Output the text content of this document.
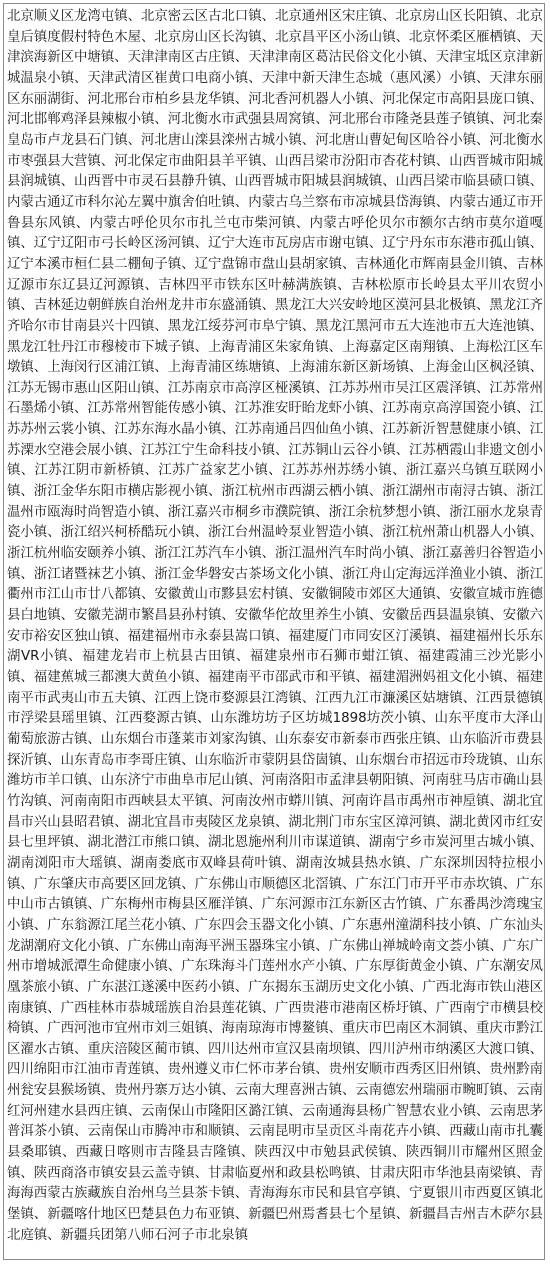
北京顺义区龙湾屯镇、北京密云区古北口镇、北京通州区宋庄镇、北京房山区长阳镇、北京皇后镇度假村特色木屋、北京房山区长沟镇、北京昌平区小汤山镇、北京怀柔区雁栖镇、天津滨海新区中塘镇、天津津南区古庄镇、天津津南区葛沽民俗文化小镇、天津宝坻区京津新城温泉小镇、天津武清区崔黄口电商小镇、天津中新天津生态城（惠风溪）小镇、天津东丽区东丽湖街、河北邢台市柏乡县龙华镇、河北香河机器人小镇、河北保定市高阳县庞口镇、河北邯郸鸡泽县辣椒小镇、河北衡水市武强县周窝镇、河北邢台市隆尧县莲子镇镇、河北秦皇岛市卢龙县石门镇、河北唐山滦县滦州古城小镇、河北唐山曹妃甸区哈谷小镇、河北衡水市枣强县大营镇、河北保定市曲阳县羊平镇、山西吕梁市汾阳市杏花村镇、山西晋城市阳城县润城镇、山西晋中市灵石县静升镇、山西晋城市阳城县润城镇、山西吕梁市临县碛口镇、内蒙古通辽市科尔沁左翼中旗舍伯吐镇、内蒙古乌兰察布市凉城县岱海镇、内蒙古通辽市开鲁县东风镇、内蒙古呼伦贝尔市扎兰屯市柴河镇、内蒙古呼伦贝尔市额尔古纳市莫尔道嘎镇、辽宁辽阳市弓长岭区汤河镇、辽宁大连市瓦房店市谢屯镇、辽宁丹东市东港市孤山镇、辽宁本溪市桓仁县二棚甸子镇、辽宁盘锦市盘山县胡家镇、吉林通化市辉南县金川镇、吉林辽源市东辽县辽河源镇、吉林四平市铁东区叶赫满族镇、吉林松原市长岭县太平川农贸小镇、吉林延边朝鲜族自治州龙井市东盛涌镇、黑龙江大兴安岭地区漠河县北极镇、黑龙江齐齐哈尔市甘南县兴十四镇、黑龙江绥芬河市阜宁镇、黑龙江黑河市五大连池市五大连池镇、黑龙江牡丹江市穆棱市下城子镇、上海青浦区朱家角镇、上海嘉定区南翔镇、上海松江区车墩镇、上海闵行区浦江镇、上海青浦区练塘镇、上海浦东新区新场镇、上海金山区枫泾镇、江苏无锡市惠山区阳山镇、江苏南京市高淳区桠溪镇、江苏苏州市吴江区震泽镇、江苏常州石墨烯小镇、江苏常州智能传感小镇、江苏淮安盱眙龙虾小镇、江苏南京高淳国瓷小镇、江苏苏州云裳小镇、江苏东海水晶小镇、江苏南通吕四仙鱼小镇、江苏新沂智慧健康小镇、江苏溧水空港会展小镇、江苏江宁生命科技小镇、江苏铜山云谷小镇、江苏栖霞山非遗文创小镇、江苏江阴市新桥镇、江苏广益家艺小镇、江苏苏州苏绣小镇、浙江嘉兴乌镇互联网小镇、浙江金华东阳市横店影视小镇、浙江杭州市西湖云栖小镇、浙江湖州市南浔古镇、浙江温州市瓯海时尚智造小镇、浙江嘉兴市桐乡市濮院镇、浙江余杭梦想小镇、浙江丽水龙泉青瓷小镇、浙江绍兴柯桥酷玩小镇、浙江台州温岭泵业智造小镇、浙江杭州萧山机器人小镇、浙江杭州临安颐养小镇、浙江江苏汽车小镇、浙江温州汽车时尚小镇、浙江嘉善归谷智造小镇、浙江诸暨袜艺小镇、浙江金华磐安古茶场文化小镇、浙江舟山定海远洋渔业小镇、浙江衢州市江山市廿八都镇、安徽黄山市黟县宏村镇、安徽铜陵市郊区大通镇、安徽宣城市旌德县白地镇、安徽芜湖市繁昌县孙村镇、安徽华佗故里养生小镇、安徽岳西县温泉镇、安徽六安市裕安区独山镇、福建福州市永泰县嵩口镇、福建厦门市同安区汀溪镇、福建福州长乐东湖VR小镇、福建龙岩市上杭县古田镇、福建泉州市石狮市蚶江镇、福建霞浦三沙光影小镇、福建蕉城三都澳大黄鱼小镇、福建南平市邵武市和平镇、福建湄洲妈祖文化小镇、福建南平市武夷山市五夫镇、江西上饶市婺源县江湾镇、江西九江市濂溪区姑塘镇、江西景德镇市浮梁县瑶里镇、江西婺源古镇、山东潍坊坊子区坊城1898坊茨小镇、山东平度市大泽山葡萄旅游古镇、山东烟台市蓬莱市刘家沟镇、山东泰安市新泰市西张庄镇、山东临沂市费县探沂镇、山东青岛市李哥庄镇、山东临沂市蒙阴县岱崮镇、山东烟台市招远市玲珑镇、山东潍坊市羊口镇、山东济宁市曲阜市尼山镇、河南洛阳市孟津县朝阳镇、河南驻马店市确山县竹沟镇、河南南阳市西峡县太平镇、河南汝州市蟒川镇、河南许昌市禹州市神垕镇、湖北宜昌市兴山县昭君镇、湖北宜昌市夷陵区龙泉镇、湖北荆门市东宝区漳河镇、湖北黄冈市红安县七里坪镇、湖北潜江市熊口镇、湖北恩施州利川市谋道镇、湖南宁乡市炭河里古城小镇、湖南浏阳市大瑶镇、湖南娄底市双峰县荷叶镇、湖南汝城县热水镇、广东深圳因特拉根小镇、广东肇庆市高要区回龙镇、广东佛山市顺德区北滘镇、广东江门市开平市赤坎镇、广东中山市古镇镇、广东梅州市梅县区雁洋镇、广东河源市江东新区古竹镇、广东番禺沙湾瑰宝小镇、广东翁源江尾兰花小镇、广东四会玉器文化小镇、广东惠州潼湖科技小镇、广东汕头龙湖潮府文化小镇、广东佛山南海平洲玉器珠宝小镇、广东佛山禅城岭南文荟小镇、广东广州市增城派潭生命健康小镇、广东珠海斗门莲州水产小镇、广东厚街黄金小镇、广东潮安凤凰茶旅小镇、广东湛江遂溪中医药小镇、广东揭东玉湖历史文化小镇、广西北海市铁山港区南康镇、广西桂林市恭城瑶族自治县莲花镇、广西贵港市港南区桥圩镇、广西南宁市横县校椅镇、广西河池市宜州市刘三姐镇、海南琼海市博鳌镇、重庆市巴南区木洞镇、重庆市黔江区濯水古镇、重庆涪陵区蔺市镇、四川达州市宣汉县南坝镇、四川泸州市纳溪区大渡口镇、四川绵阳市江油市青莲镇、贵州遵义市仁怀市茅台镇、贵州安顺市西秀区旧州镇、贵州黔南州瓮安县猴场镇、贵州丹寨万达小镇、云南大理喜洲古镇、云南德宏州瑞丽市畹町镇、云南红河州建水县西庄镇、云南保山市隆阳区潞江镇、云南通海县杨广智慧农业小镇、云南思茅普洱茶小镇、云南保山市腾冲市和顺镇、云南昆明市呈贡区斗南花卉小镇、西藏山南市扎囊县桑耶镇、西藏日喀则市吉隆县吉隆镇、陕西汉中市勉县武侯镇、陕西铜川市耀州区照金镇、陕西商洛市镇安县云盖寺镇、甘肃临夏州和政县松鸣镇、甘肃庆阳市华池县南梁镇、青海海西蒙古族藏族自治州乌兰县茶卡镇、青海海东市民和县官亭镇、宁夏银川市西夏区镇北堡镇、新疆喀什地区巴楚县色力布亚镇、新疆巴州焉耆县七个星镇、新疆昌吉州吉木萨尔县北庭镇、新疆兵团第八师石河子市北泉镇
